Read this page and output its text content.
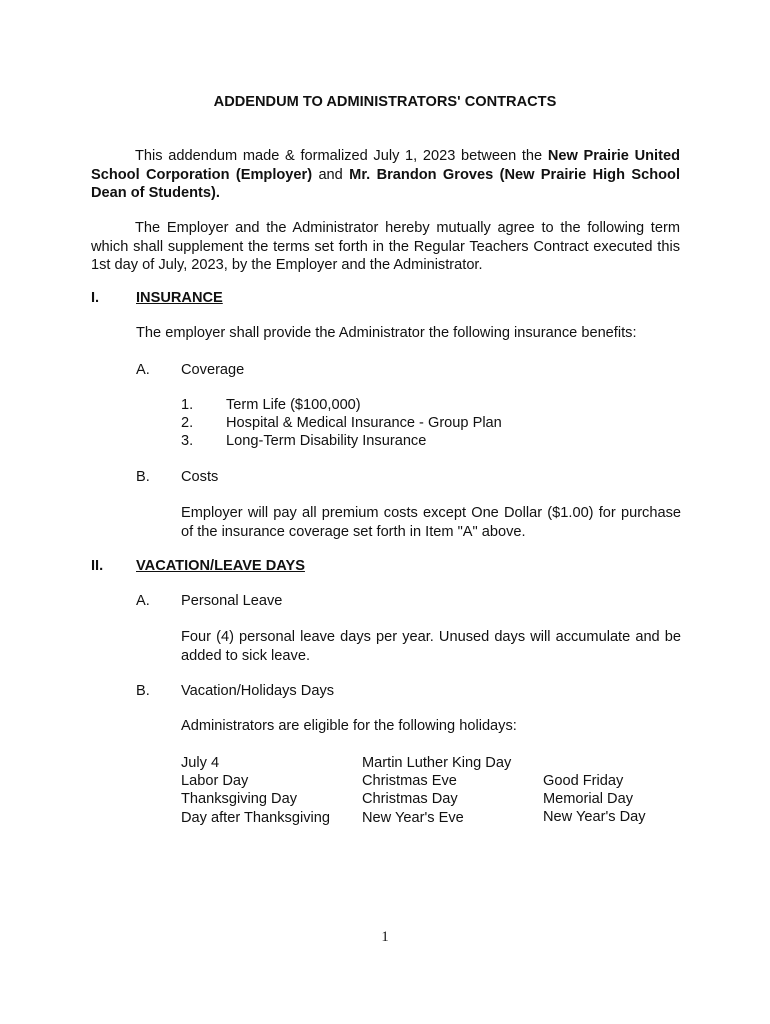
ADDENDUM TO ADMINISTRATORS' CONTRACTS
This addendum made & formalized July 1, 2023 between the New Prairie United
School Corporation (Employer) and Mr. Brandon Groves (New Prairie High School
Dean of Students).
The Employer and the Administrator hereby mutually agree to the following term
which shall supplement the terms set forth in the Regular Teachers Contract executed this
1st day of July, 2023, by the Employer and the Administrator.
I.	INSURANCE
The employer shall provide the Administrator the following insurance benefits:
A. Coverage
1. Term Life ($100,000)
2. Hospital & Medical Insurance - Group Plan
3. Long-Term Disability Insurance
B. Costs
Employer will pay all premium costs except One Dollar ($1.00) for purchase
of the insurance coverage set forth in Item "A" above.
II. VACATION/LEAVE DAYS
A. Personal Leave
Four (4) personal leave days per year. Unused days will accumulate and be
added to sick leave.
B. Vacation/Holidays Days
Administrators are eligible for the following holidays:
July 4
Labor Day
Thanksgiving Day
Day after Thanksgiving
Martin Luther King Day
Christmas Eve
Christmas Day
New Year's Eve
Good Friday
Memorial Day
New Year's Day
1
